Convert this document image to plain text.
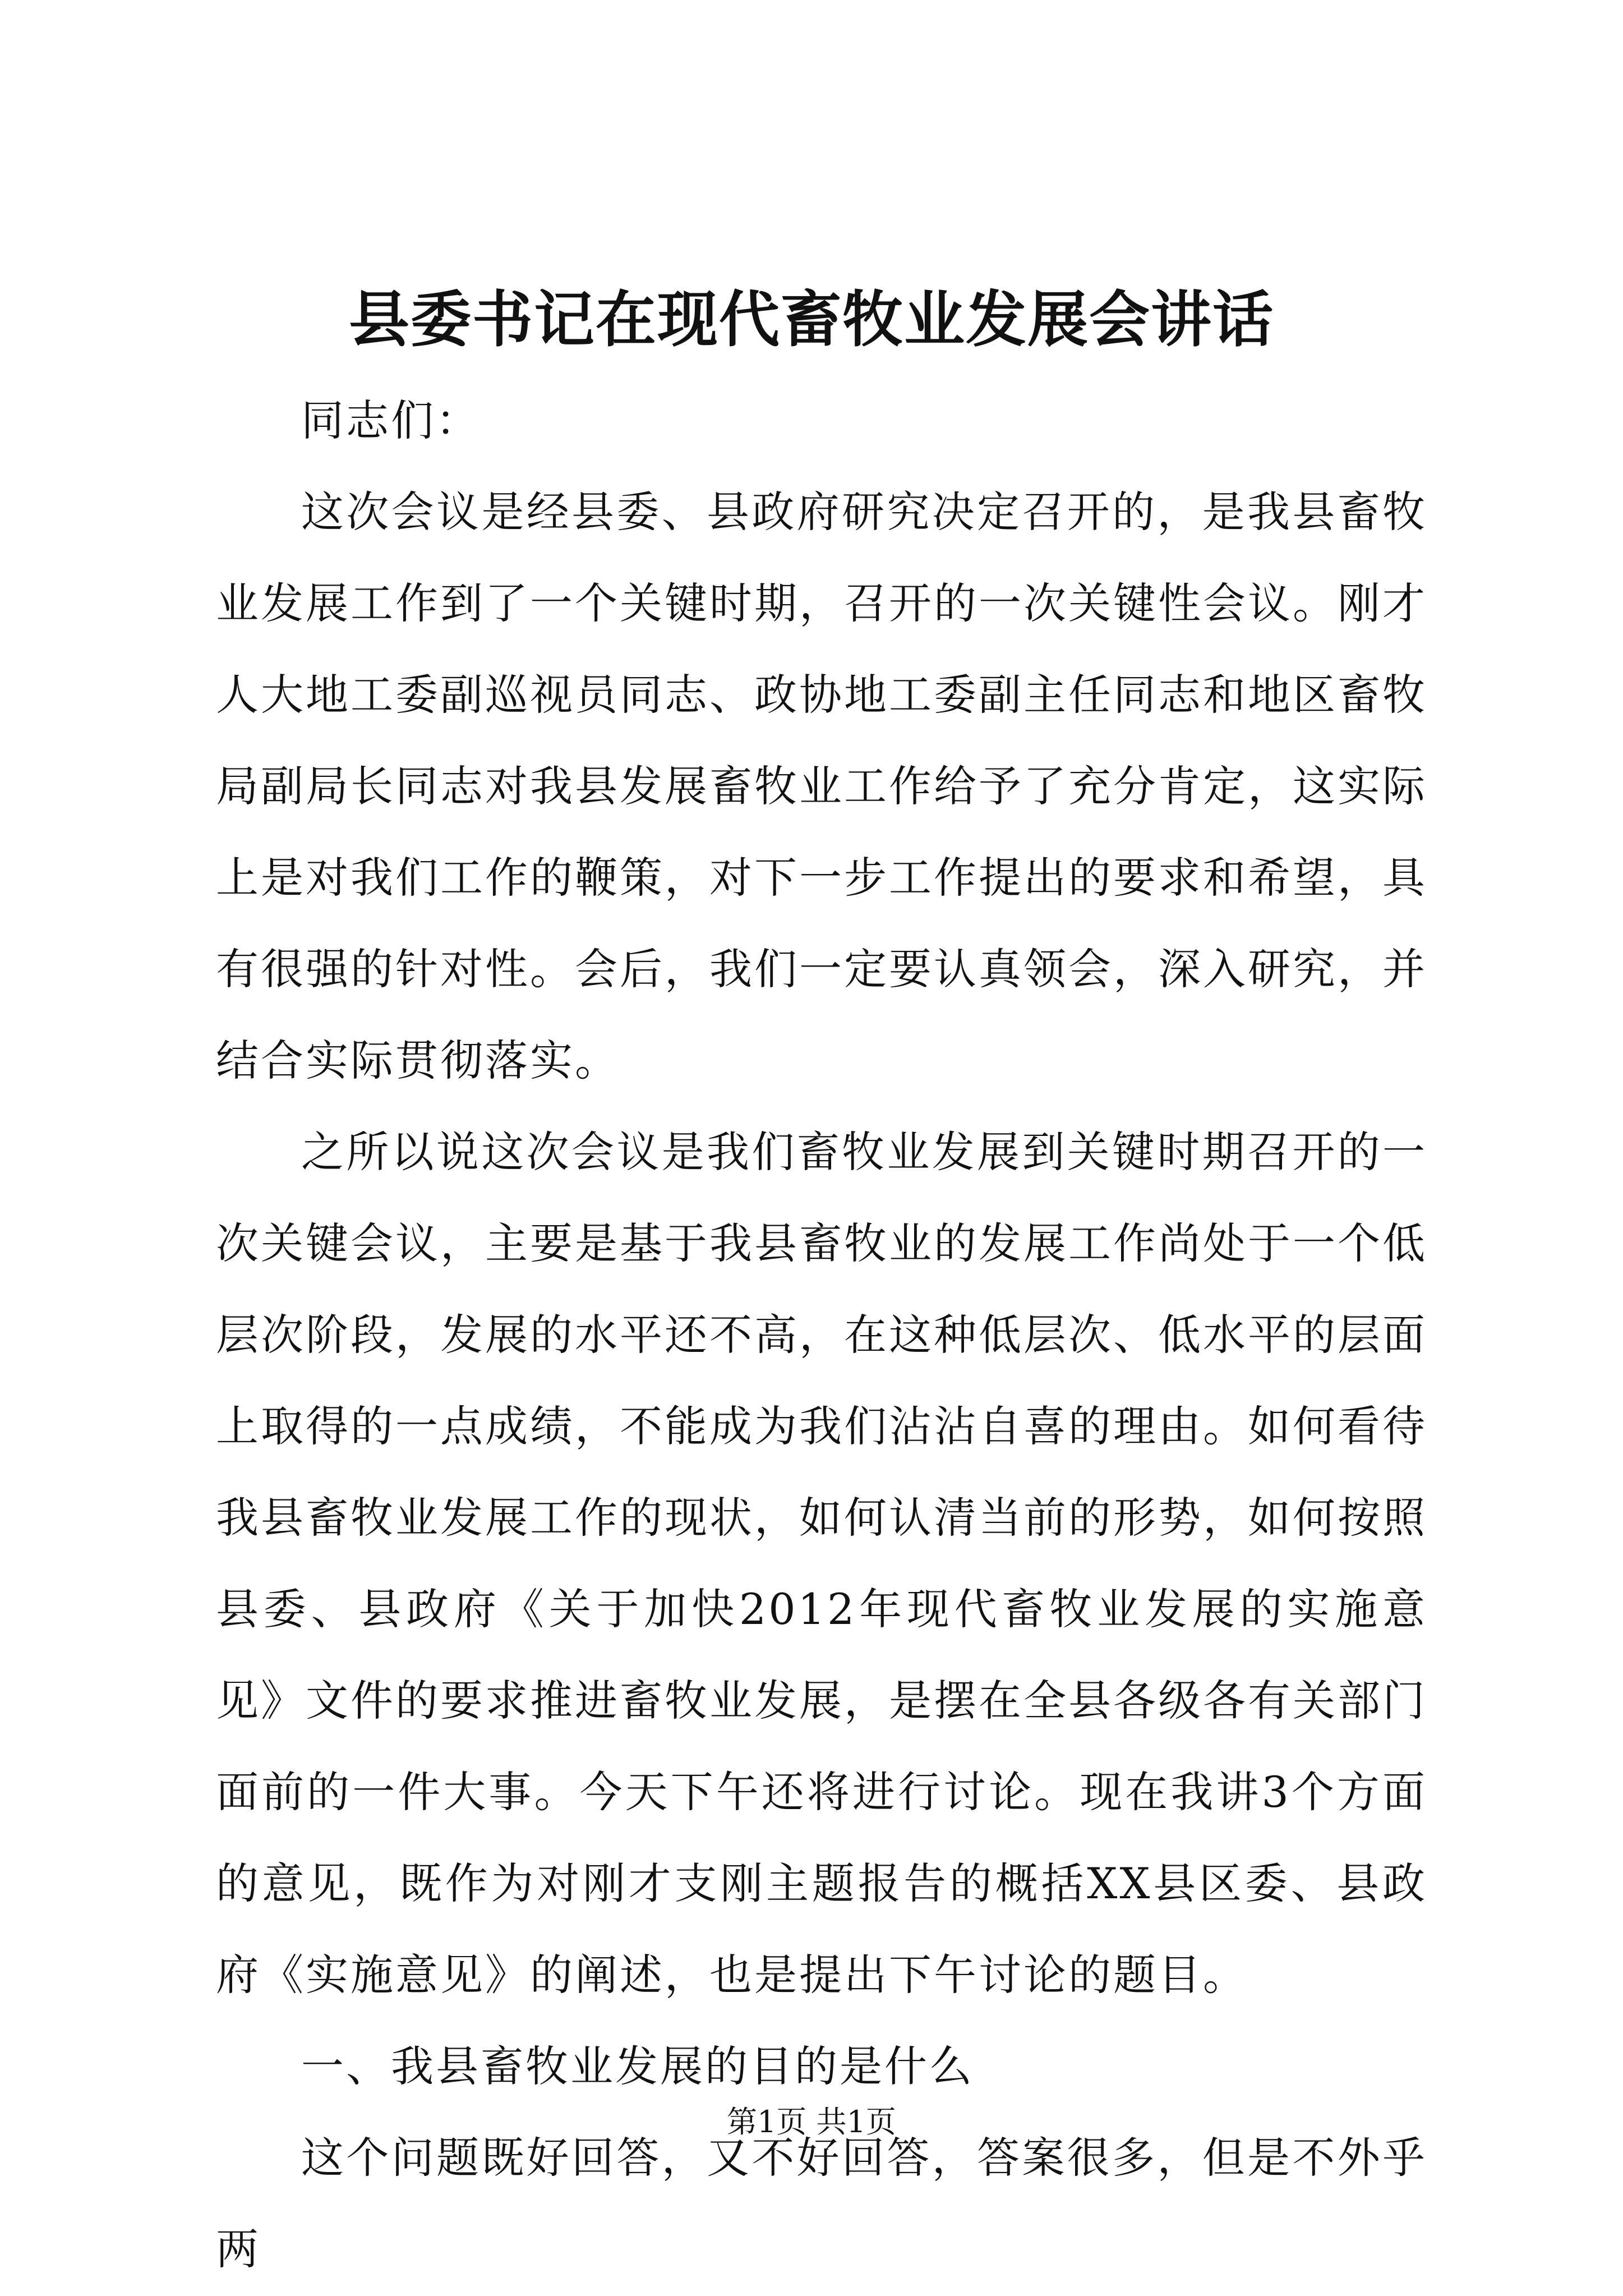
县委书记在现代畜牧业发展会讲话

同志们：

这次会议是经县委、县政府研究决定召开的，是我县畜牧业发展工作到了一个关键时期，召开的一次关键性会议。刚才人大地工委副巡视员同志、政协地工委副主任同志和地区畜牧局副局长同志对我县发展畜牧业工作给予了充分肯定，这实际上是对我们工作的鞭策，对下一步工作提出的要求和希望，具有很强的针对性。会后，我们一定要认真领会，深入研究，并结合实际贯彻落实。

之所以说这次会议是我们畜牧业发展到关键时期召开的一次关键会议，主要是基于我县畜牧业的发展工作尚处于一个低层次阶段，发展的水平还不高，在这种低层次、低水平的层面上取得的一点成绩，不能成为我们沾沾自喜的理由。如何看待我县畜牧业发展工作的现状，如何认清当前的形势，如何按照县委、县政府《关于加快2012年现代畜牧业发展的实施意见》文件的要求推进畜牧业发展，是摆在全县各级各有关部门面前的一件大事。今天下午还将进行讨论。现在我讲3个方面的意见，既作为对刚才支刚主题报告的概括XX县区委、县政府《实施意见》的阐述，也是提出下午讨论的题目。

一、我县畜牧业发展的目的是什么

这个问题既好回答，又不好回答，答案很多，但是不外乎两

第1页 共1页
